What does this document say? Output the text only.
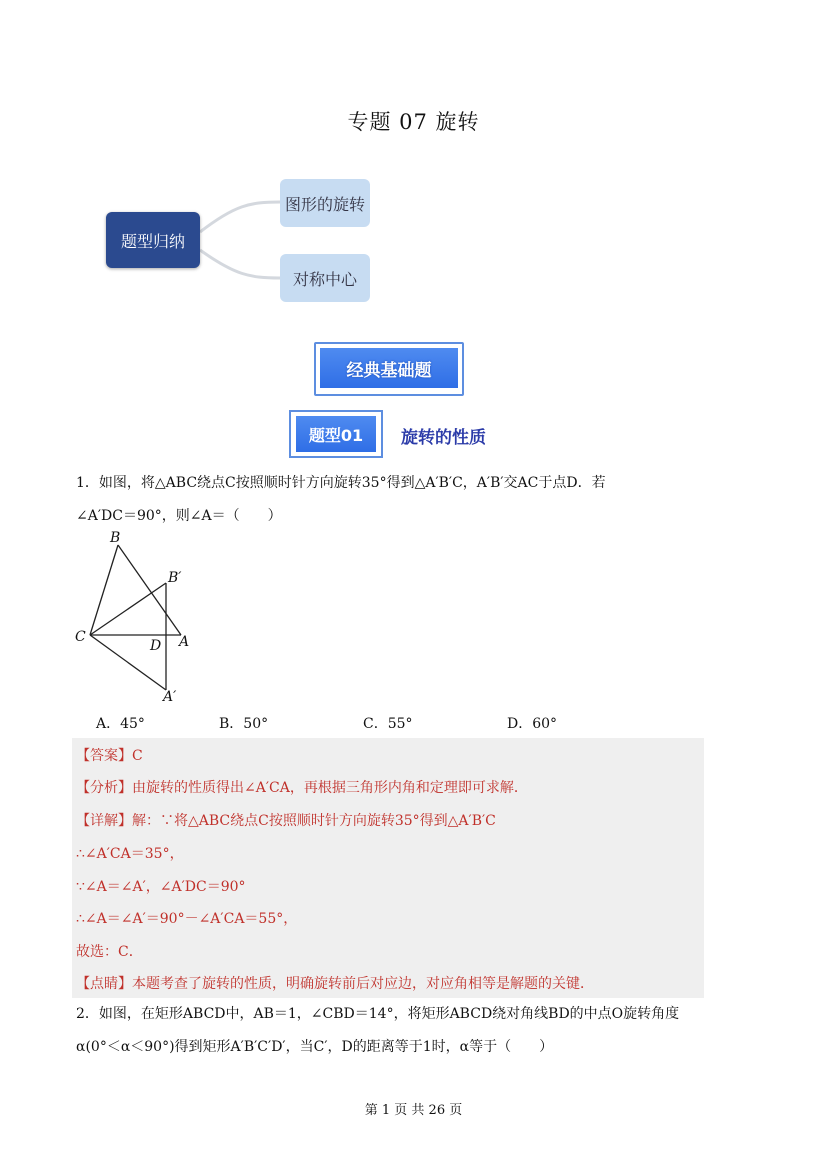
专题 07 旋转
题型归纳
图形的旋转
对称中心
经典基础题
题型01	旋转的性质
1．如图，将△ABC绕点C按照顺时针方向旋转35°得到△A′B′C，A′B′交AC于点D．若
∠A′DC＝90°，则∠A＝（　　）
B
B′
C
D A
A′
A．45°	B．50°	C．55°	D．60°
【答案】C
【分析】由旋转的性质得出∠A′CA，再根据三角形内角和定理即可求解．
【详解】解：∵将△ABC绕点C按照顺时针方向旋转35°得到△A′B′C
∴∠A′CA＝35°，
∵∠A＝∠A′，∠A′DC＝90°
∴∠A＝∠A′＝90°－∠A′CA＝55°，
故选：C．
【点睛】本题考查了旋转的性质，明确旋转前后对应边，对应角相等是解题的关键．
2．如图，在矩形ABCD中，AB＝1，∠CBD＝14°，将矩形ABCD绕对角线BD的中点O旋转角度
α(0°＜α＜90°)得到矩形A′B′C′D′，当C′，D的距离等于1时，α等于（　　）
第 1 页 共 26 页
